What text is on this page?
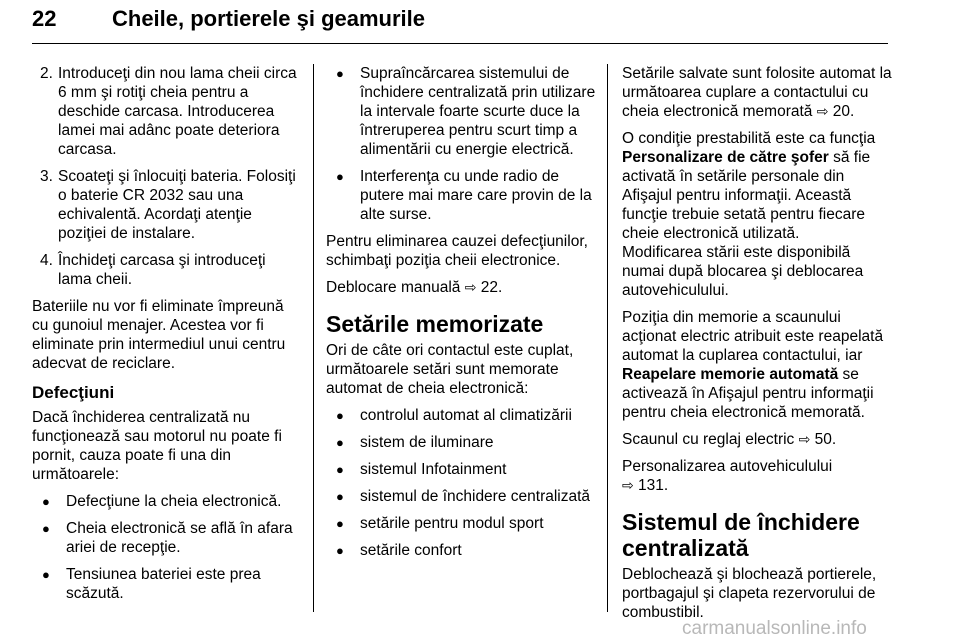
22	Cheile, portierele şi geamurile
2. Introduceţi din nou lama cheii circa 6 mm şi rotiţi cheia pentru a deschide carcasa. Introducerea lamei mai adânc poate deteriora carcasa.
3. Scoateţi şi înlocuiţi bateria. Folosiţi o baterie CR 2032 sau una echivalentă. Acordaţi atenţie poziţiei de instalare.
4. Închideţi carcasa şi introduceţi lama cheii.

Bateriile nu vor fi eliminate împreună cu gunoiul menajer. Acestea vor fi eliminate prin intermediul unui centru adecvat de reciclare.

Defecţiuni

Dacă închiderea centralizată nu funcţionează sau motorul nu poate fi pornit, cauza poate fi una din următoarele:

● Defecţiune la cheia electronică.
● Cheia electronică se află în afara ariei de recepţie.
● Tensiunea bateriei este prea scăzută.
● Supraîncărcarea sistemului de închidere centralizată prin utilizare la intervale foarte scurte duce la întreruperea pentru scurt timp a alimentării cu energie electrică.
● Interferenţa cu unde radio de putere mai mare care provin de la alte surse.

Pentru eliminarea cauzei defecţiunilor, schimbaţi poziţia cheii electronice.

Deblocare manuală ⇨ 22.

Setările memorizate

Ori de câte ori contactul este cuplat, următoarele setări sunt memorate automat de cheia electronică:

● controlul automat al climatizării
● sistem de iluminare
● sistemul Infotainment
● sistemul de închidere centralizată
● setările pentru modul sport
● setările confort

Setările salvate sunt folosite automat la următoarea cuplare a contactului cu cheia electronică memorată ⇨ 20.

O condiţie prestabilită este ca funcţia Personalizare de către şofer să fie activată în setările personale din Afişajul pentru informaţii. Această funcţie trebuie setată pentru fiecare cheie electronică utilizată.

Modificarea stării este disponibilă numai după blocarea şi deblocarea autovehiculului.

Poziţia din memorie a scaunului acţionat electric atribuit este reapelată automat la cuplarea contactului, iar Reapelare memorie automată se activează în Afişajul pentru informaţii pentru cheia electronică memorată.

Scaunul cu reglaj electric ⇨ 50.

Personalizarea autovehiculului
⇨ 131.

Sistemul de închidere centralizată

Deblochează şi blochează portierele, portbagajul şi clapeta rezervorului de combustibil.

carmanualsonline.info
